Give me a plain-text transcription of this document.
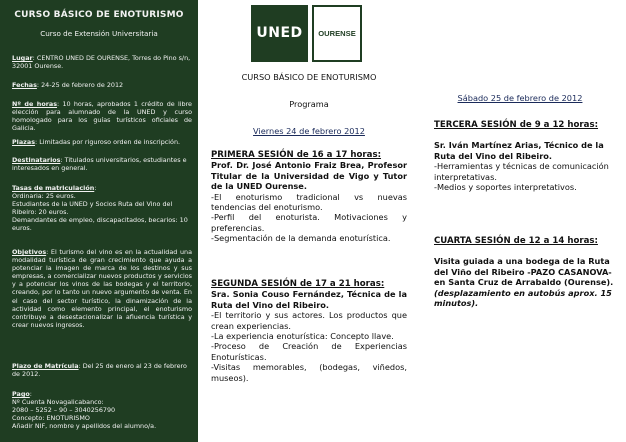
CURSO BÁSICO DE ENOTURISMO
Curso de Extensión Universitaria
Lugar: CENTRO UNED DE OURENSE, Torres do Pino s/n, 32001 Ourense.
Fechas: 24-25 de febrero de 2012
Nº de horas: 10 horas, aprobados 1 crédito de libre elección para alumnado de la UNED y curso homologado para los guías turísticos oficiales de Galicia.
Plazas: Limitadas por riguroso orden de inscripción.
Destinatarios: Titulados universitarios, estudiantes e interesados en general.
Tasas de matriculación:
Ordinaria: 25 euros.
Estudiantes de la UNED y Socios Ruta del Vino del Ribeiro: 20 euros.
Demandantes de empleo, discapacitados, becarios: 10 euros.
Objetivos: El turismo del vino es en la actualidad una modalidad turística de gran crecimiento que ayuda a potenciar la imagen de marca de los destinos y sus empresas, a comercializar nuevos productos y servicios y a potenciar los vinos de las bodegas y el territorio, creando, por lo tanto un nuevo argumento de venta. En el caso del sector turístico, la dinamización de la actividad como elemento principal, el enoturismo contribuye a desestacionalizar la afluencia turística y crear nuevos ingresos.
Plazo de Matrícula: Del 25 de enero al 23 de febrero de 2012.
Pago:
Nº Cuenta Novagalicabanco:
2080 – 5252 – 90 – 3040256790
Concepto: ENOTURISMO
Añadir NIF, nombre y apellidos del alumno/a.
UNED	OURENSE
CURSO BÁSICO DE ENOTURISMO
Programa
Viernes 24 de febrero 2012
PRIMERA SESIÓN de 16 a 17 horas:
Prof. Dr. José Antonio Fraiz Brea, Profesor Titular de la Universidad de Vigo y Tutor de la UNED Ourense.
-El enoturismo tradicional vs nuevas tendencias del enoturismo.
-Perfil del enoturista. Motivaciones y preferencias.
-Segmentación de la demanda enoturística.
SEGUNDA SESIÓN de 17 a 21 horas:
Sra. Sonia Couso Fernández, Técnica de la Ruta del Vino del Ribeiro.
-El territorio y sus actores. Los productos que crean experiencias.
-La experiencia enoturística: Concepto llave.
-Proceso de Creación de Experiencias Enoturísticas.
-Visitas memorables, (bodegas, viñedos, museos).
Sábado 25 de febrero de 2012
TERCERA SESIÓN de 9 a 12 horas:
Sr. Iván Martínez Arias, Técnico de la Ruta del Vino del Ribeiro.
-Herramientas y técnicas de comunicación interpretativas.
-Medios y soportes interpretativos.
CUARTA SESIÓN de 12 a 14 horas:
Visita guiada a una bodega de la Ruta del Viño del Ribeiro -PAZO CASANOVA- en Santa Cruz de Arrabaldo (Ourense).
(desplazamiento en autobús aprox. 15 minutos).
